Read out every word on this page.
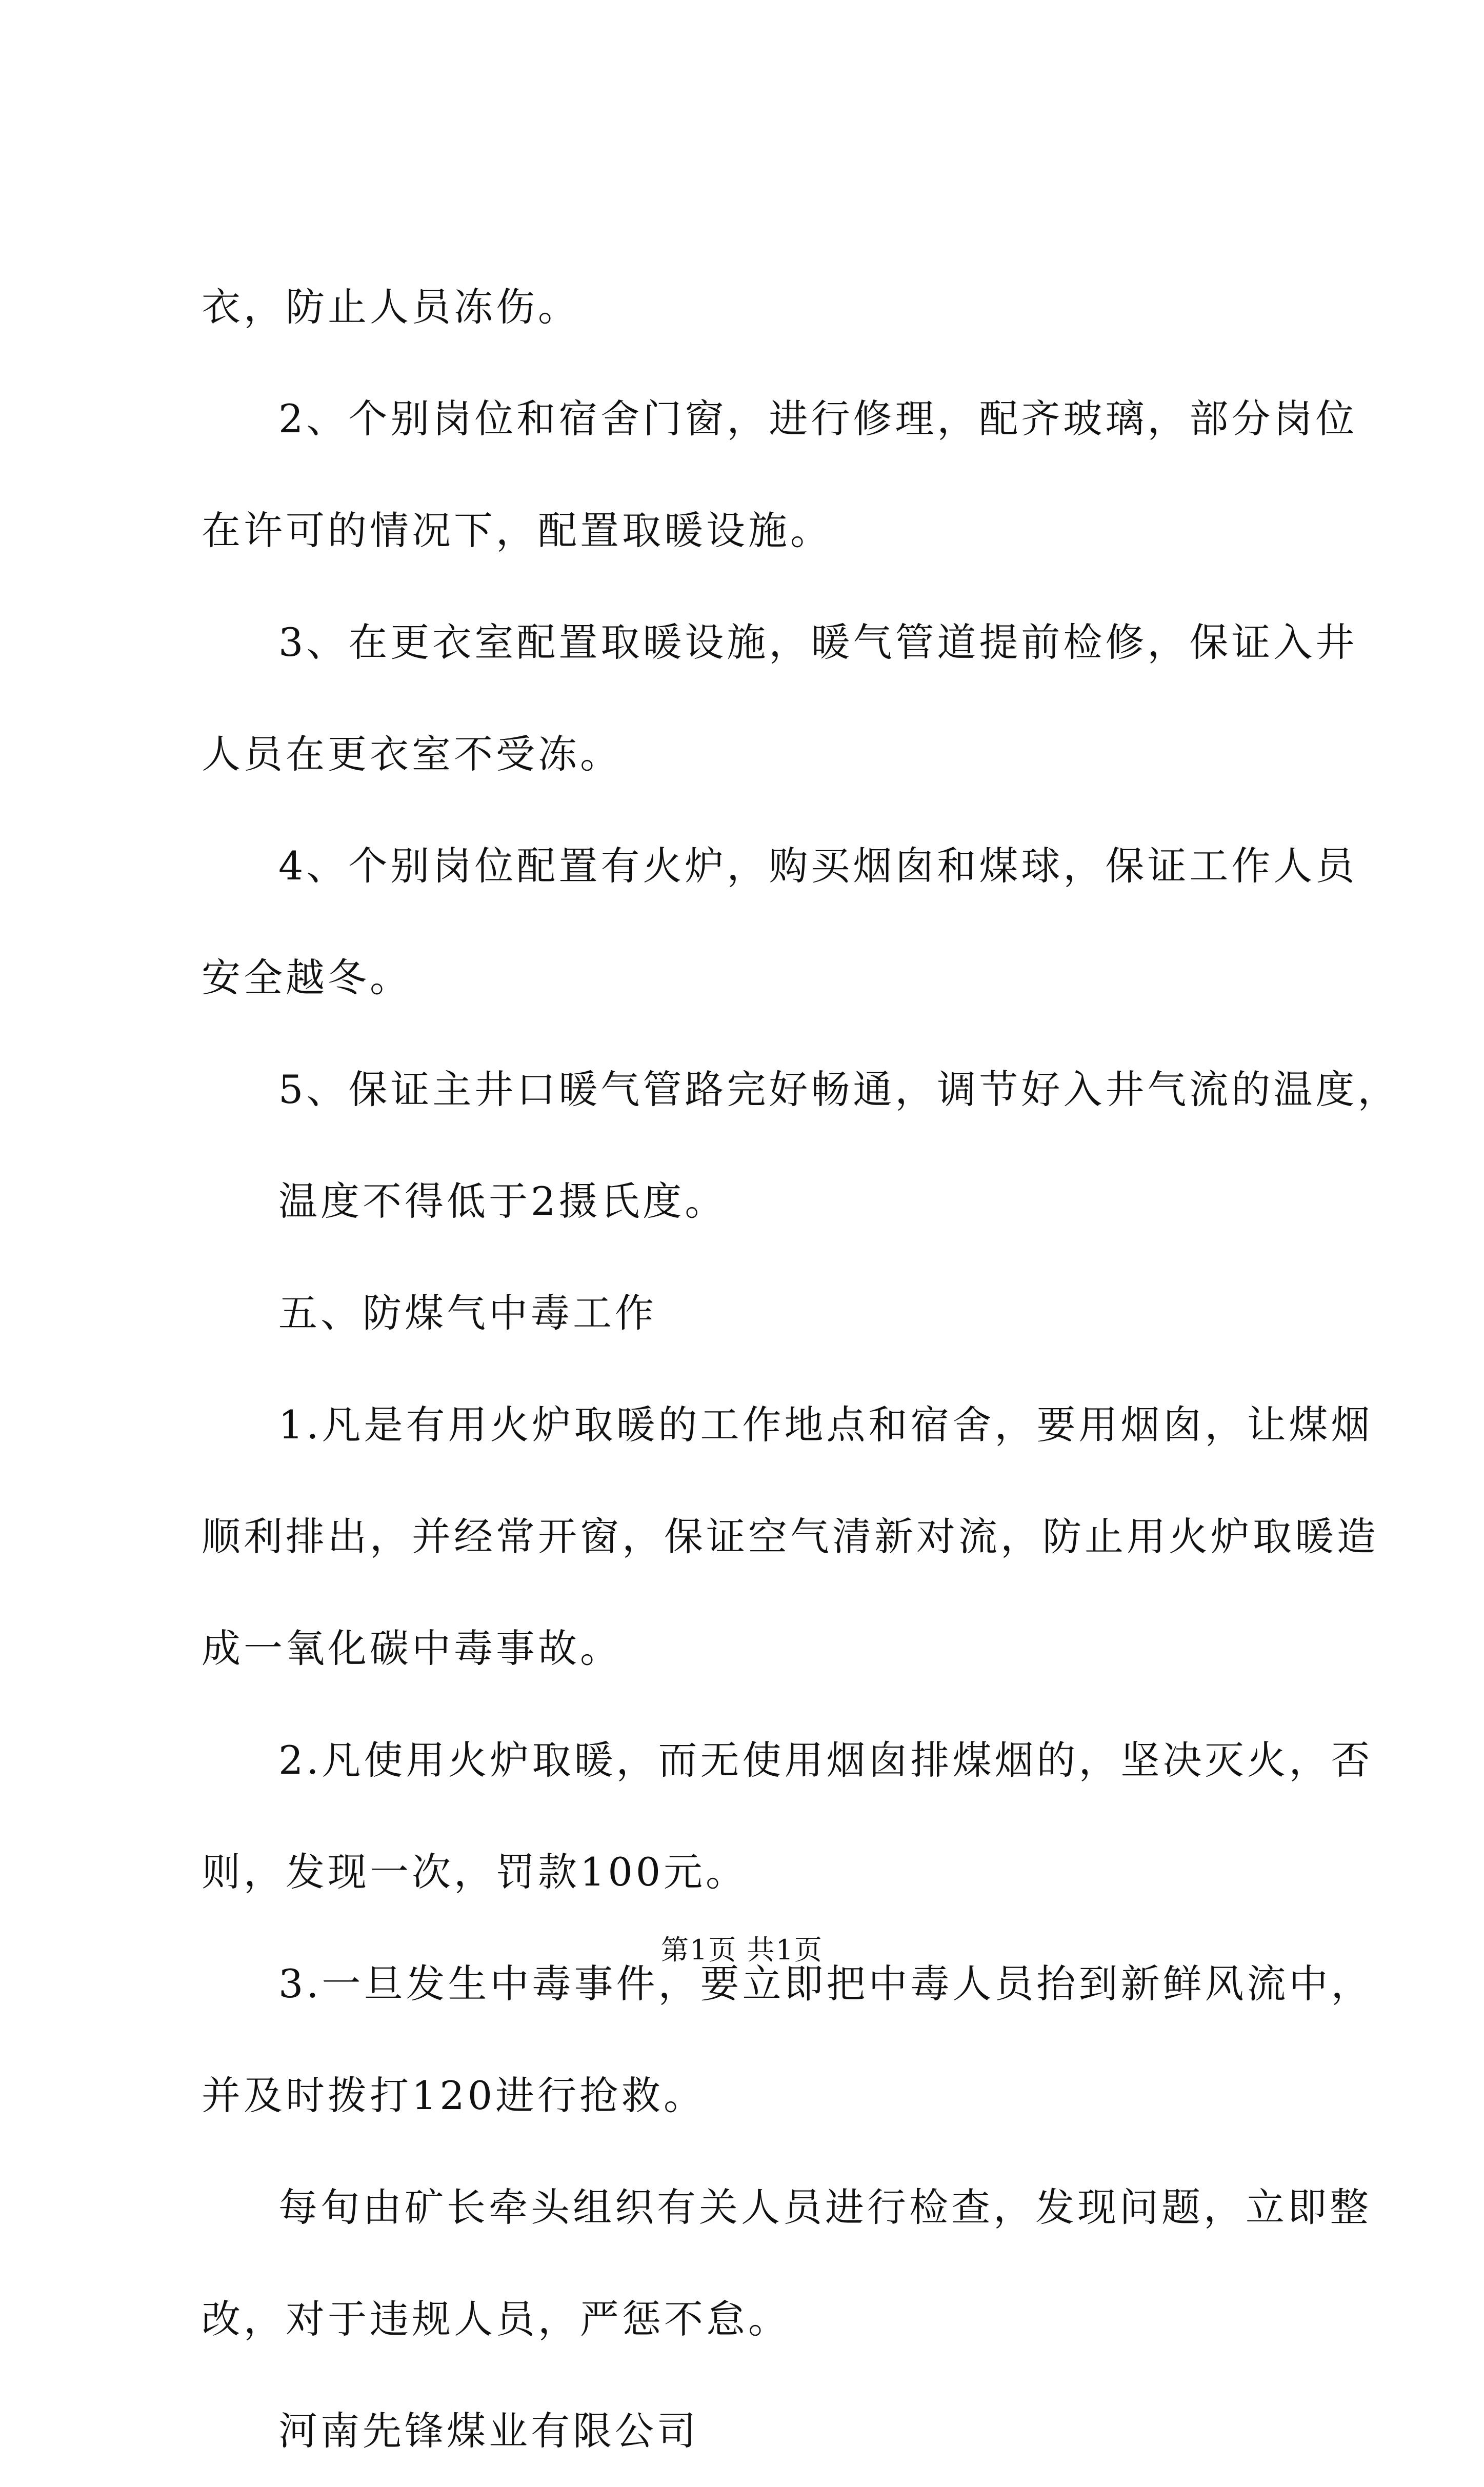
衣，防止人员冻伤。
2、个别岗位和宿舍门窗，进行修理，配齐玻璃，部分岗位
在许可的情况下，配置取暖设施。
3、在更衣室配置取暖设施，暖气管道提前检修，保证入井
人员在更衣室不受冻。
4、个别岗位配置有火炉，购买烟囱和煤球，保证工作人员
安全越冬。
5、保证主井口暖气管路完好畅通，调节好入井气流的温度，
温度不得低于2摄氏度。
五、防煤气中毒工作
1.凡是有用火炉取暖的工作地点和宿舍，要用烟囱，让煤烟
顺利排出，并经常开窗，保证空气清新对流，防止用火炉取暖造
成一氧化碳中毒事故。
2.凡使用火炉取暖，而无使用烟囱排煤烟的，坚决灭火，否
则，发现一次，罚款100元。
3.一旦发生中毒事件，要立即把中毒人员抬到新鲜风流中，
并及时拨打120进行抢救。
每旬由矿长牵头组织有关人员进行检查，发现问题，立即整
改，对于违规人员，严惩不怠。
河南先锋煤业有限公司
第1页 共1页
